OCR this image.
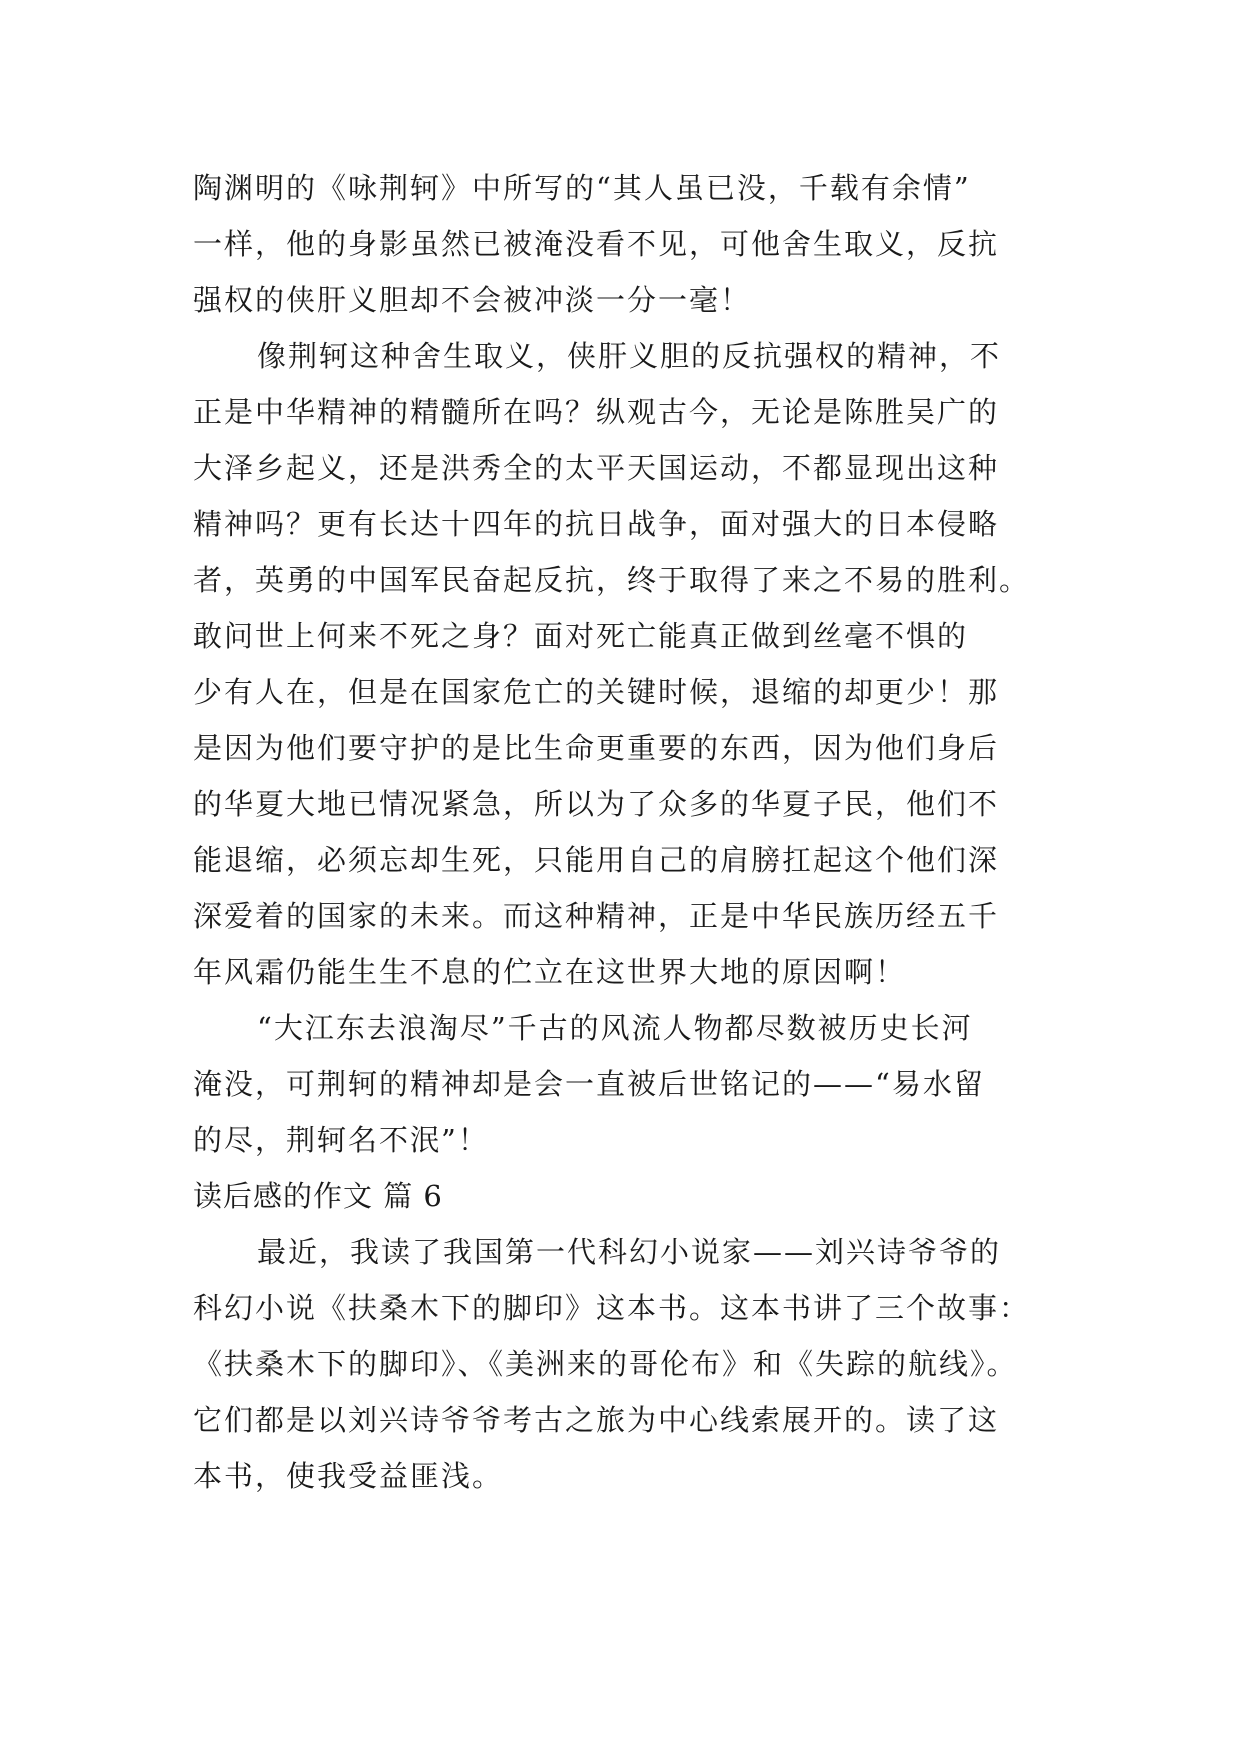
陶渊明的《咏荆轲》中所写的“其人虽已没，千载有余情”
一样，他的身影虽然已被淹没看不见，可他舍生取义，反抗
强权的侠肝义胆却不会被冲淡一分一毫！
像荆轲这种舍生取义，侠肝义胆的反抗强权的精神，不
正是中华精神的精髓所在吗？纵观古今，无论是陈胜吴广的
大泽乡起义，还是洪秀全的太平天国运动，不都显现出这种
精神吗？更有长达十四年的抗日战争，面对强大的日本侵略
者，英勇的中国军民奋起反抗，终于取得了来之不易的胜利。
敢问世上何来不死之身？面对死亡能真正做到丝毫不惧的
少有人在，但是在国家危亡的关键时候，退缩的却更少！那
是因为他们要守护的是比生命更重要的东西，因为他们身后
的华夏大地已情况紧急，所以为了众多的华夏子民，他们不
能退缩，必须忘却生死，只能用自己的肩膀扛起这个他们深
深爱着的国家的未来。而这种精神，正是中华民族历经五千
年风霜仍能生生不息的伫立在这世界大地的原因啊！
“大江东去浪淘尽”千古的风流人物都尽数被历史长河
淹没，可荆轲的精神却是会一直被后世铭记的——“易水留
的尽，荆轲名不泯”！
读后感的作文 篇 6
最近，我读了我国第一代科幻小说家——刘兴诗爷爷的
科幻小说《扶桑木下的脚印》这本书。这本书讲了三个故事：
《扶桑木下的脚印》、《美洲来的哥伦布》和《失踪的航线》。
它们都是以刘兴诗爷爷考古之旅为中心线索展开的。读了这
本书，使我受益匪浅。
